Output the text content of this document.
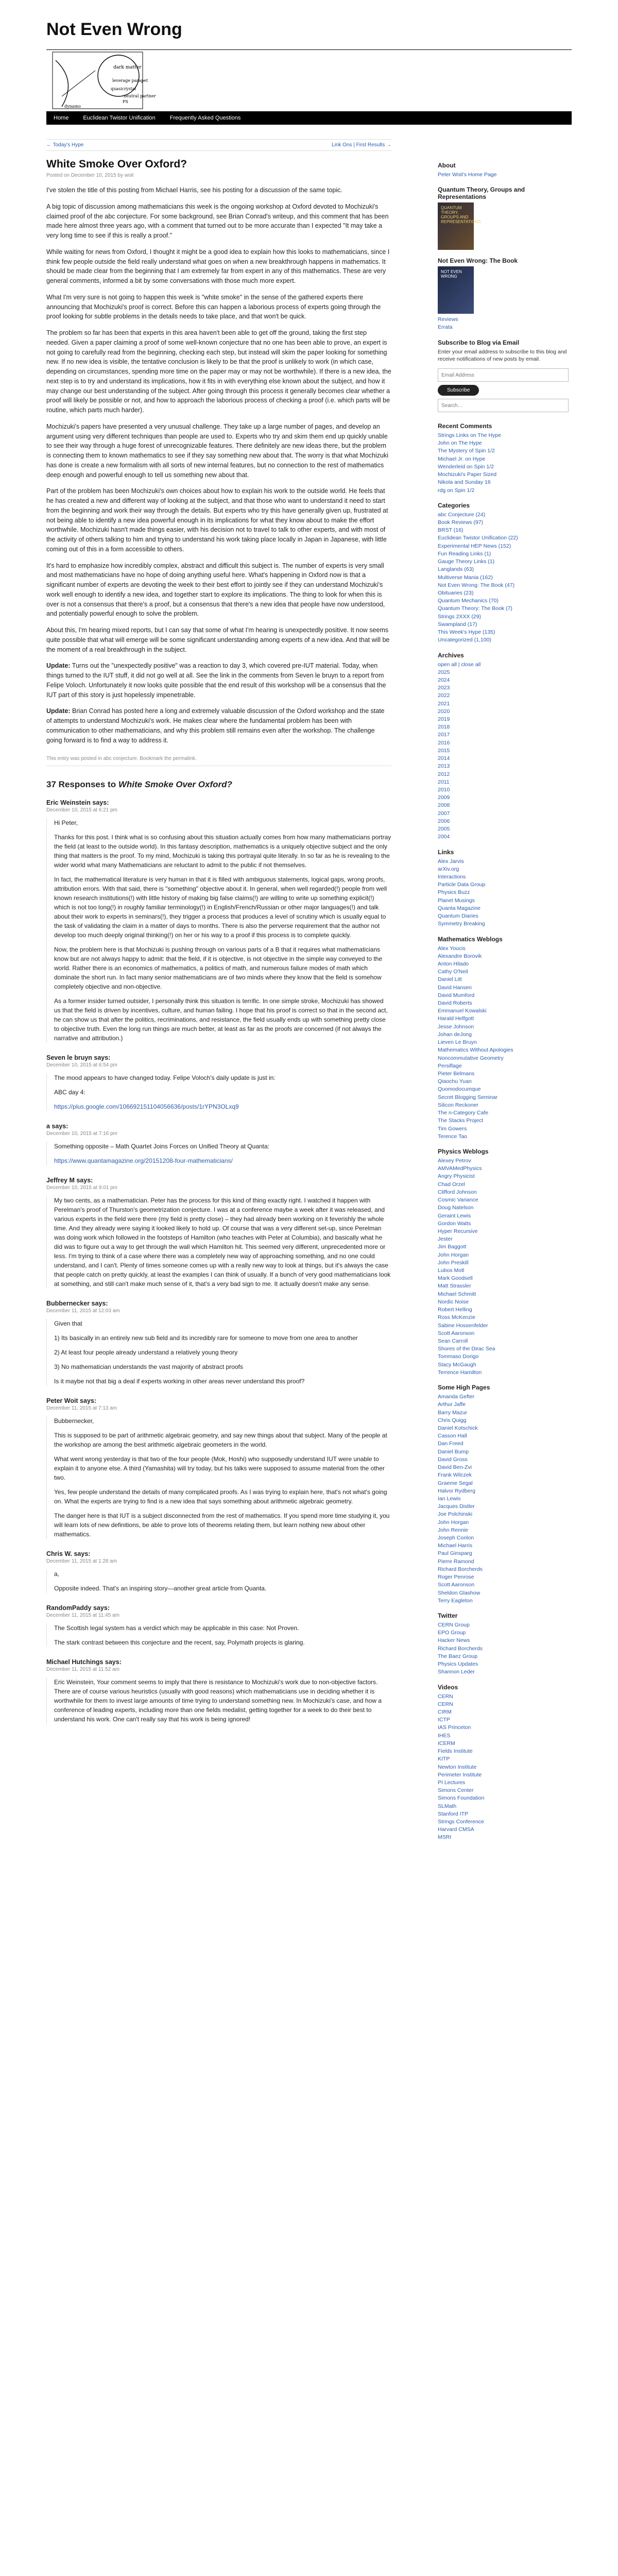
Not Even Wrong
dark matter
leverage parapet
quasicrystal
neutral partner
PS
dynamo
Home	Euclidean Twistor Unification	Frequently Asked Questions
← Today's Hype	Link Ons | First Results →
White Smoke Over Oxford?
Posted on December 10, 2015 by woit

I've stolen the title of this posting from Michael Harris, see his posting for a discussion of the same topic.

A big topic of discussion among mathematicians this week is the ongoing workshop at Oxford devoted to Mochizuki's claimed proof of the abc conjecture. For some background, see Brian Conrad's writeup, and this comment that has been made here almost three years ago, with a comment that turned out to be more accurate than I expected "It may take a very long time to see if this is really a proof."

While waiting for news from Oxford, I thought it might be a good idea to explain how this looks to mathematicians, since I think few people outside the field really understand what goes on when a new breakthrough happens in mathematics. It should be made clear from the beginning that I am extremely far from expert in any of this mathematics. These are very general comments, informed a bit by some conversations with those much more expert.

What I'm very sure is not going to happen this week is "white smoke" in the sense of the gathered experts there announcing that Mochizuki's proof is correct. Before this can happen a laborious process of experts going through the proof looking for subtle problems in the details needs to take place, and that won't be quick.

The problem so far has been that experts in this area haven't been able to get off the ground, taking the first step needed. Given a paper claiming a proof of some well-known conjecture that no one has been able to prove, an expert is not going to carefully read from the beginning, checking each step, but instead will skim the paper looking for something new. If no new idea is visible, the tentative conclusion is likely to be that the proof is unlikely to work (in which case, depending on circumstances, spending more time on the paper may or may not be worthwhile). If there is a new idea, the next step is to try and understand its implications, how it fits in with everything else known about the subject, and how it may change our best understanding of the subject. After going through this process it generally becomes clear whether a proof will likely be possible or not, and how to approach the laborious process of checking a proof (i.e. which parts will be routine, which parts much harder).

Mochizuki's papers have presented a very unusual challenge. They take up a large number of pages, and develop an argument using very different techniques than people are used to. Experts who try and skim them end up quickly unable to see their way through a huge forest of unrecognizable features. There definitely are new ideas there, but the problem is connecting them to known mathematics to see if they say something new about that. The worry is that what Mochizuki has done is create a new formalism with all sorts of new internal features, but no connection to the rest of mathematics deep enough and powerful enough to tell us something new about that.

Part of the problem has been Mochizuki's own choices about how to explain his work to the outside world. He feels that he has created a new and different way of looking at the subject, and that those who want to understand it need to start from the beginning and work their way through the details. But experts who try this have generally given up, frustrated at not being able to identify a new idea powerful enough in its implications for what they know about to make the effort worthwhile. Mochizuki hasn't made things easier, with his decision not to travel to talk to other experts, and with most of the activity of others talking to him and trying to understand his work taking place locally in Japan in Japanese, with little coming out of this in a form accessible to others.

It's hard to emphasize how incredibly complex, abstract and difficult this subject is. The number of experts is very small and most mathematicians have no hope of doing anything useful here. What's happening in Oxford now is that a significant number of experts are devoting the week to their best effort to jointly see if they can understand Mochizuki's work well enough to identify a new idea, and together start to explore its implications. The thing to look for when this is over is not a consensus that there's a proof, but a consensus that there's a new idea that people have now understood, and potentially powerful enough to solve the problem.

About this, I'm hearing mixed reports, but I can say that some of what I'm hearing is unexpectedly positive. It now seems quite possible that what will emerge will be some significant understanding among experts of a new idea. And that will be the moment of a real breakthrough in the subject.

Update: Turns out the "unexpectedly positive" was a reaction to day 3, which covered pre-IUT material. Today, when things turned to the IUT stuff, it did not go well at all. See the link in the comments from Seven le bruyn to a report from Felipe Voloch. Unfortunately it now looks quite possible that the end result of this workshop will be a consensus that the IUT part of this story is just hopelessly impenetrable.

Update: Brian Conrad has posted here a long and extremely valuable discussion of the Oxford workshop and the state of attempts to understand Mochizuki's work. He makes clear where the fundamental problem has been with communication to other mathematicians, and why this problem still remains even after the workshop. The challenge going forward is to find a way to address it.

This entry was posted in abc conjecture. Bookmark the permalink.
37 Responses to White Smoke Over Oxford?
Eric Weinstein says:
December 10, 2015 at 6:21 pm

Hi Peter,

Thanks for this post. I think what is so confusing about this situation actually comes from how many mathematicians portray the field (at least to the outside world). In this fantasy description, mathematics is a uniquely objective subject and the only thing that matters is the proof. To my mind, Mochizuki is taking this portrayal quite literally. In so far as he is revealing to the wider world what many Mathematicians are reluctant to admit to the public if not themselves.

In fact, the mathematical literature is very human in that it is filled with ambiguous statements, logical gaps, wrong proofs, attribution errors. With that said, there is "something" objective about it. In general, when well regarded(!) people from well known research institutions(!) with little history of making big false claims(!) are willing to write up something explicit(!) which is not too long(!) in roughly familiar terminology(!) in English/French/Russian or other major languages(!) and talk about their work to experts in seminars(!), they trigger a process that produces a level of scrutiny which is usually equal to the task of validating the claim in a matter of days to months. There is also the perverse requirement that the author not develop too much deeply original thinking(!) on her or his way to a proof if this process is to complete quickly.

Now, the problem here is that Mochizuki is pushing through on various parts of a B that it requires what mathematicians know but are not always happy to admit: that the field, if it is objective, is not objective in the simple way conveyed to the world. Rather there is an economics of mathematics, a politics of math, and numerous failure modes of math which dominate the short run. In fact many senior mathematicians are of two minds where they know that the field is somehow completely objective and non-objective.

As a former insider turned outsider, I personally think this situation is terrific. In one simple stroke, Mochizuki has showed us that the field is driven by incentives, culture, and human failing. I hope that his proof is correct so that in the second act, he can show us that after the politics, recriminations, and resistance, the field usually ends up with something pretty close to objective truth. Even the long run things are much better, at least as far as the proofs are concerned (if not always the narrative and attribution.)

Seven le bruyn says:
December 10, 2015 at 6:54 pm

The mood appears to have changed today. Felipe Voloch's daily update is just in:

ABC day 4:

https://plus.google.com/106692151104056636/posts/1rYPN3OLxq9

a says:
December 10, 2015 at 7:16 pm

Something opposite – Math Quartet Joins Forces on Unified Theory at Quanta:

https://www.quantamagazine.org/20151208-four-mathematicians/

Jeffrey M says:
December 10, 2015 at 9:01 pm

My two cents, as a mathematician. Peter has the process for this kind of thing exactly right. I watched it happen with Perelman's proof of Thurston's geometrization conjecture. I was at a conference maybe a week after it was released, and various experts in the field were there (my field is pretty close) – they had already been working on it feverishly the whole time. And they already were saying it looked likely to hold up. Of course that was a very different set-up, since Perelman was doing work which followed in the footsteps of Hamilton (who teaches with Peter at Columbia), and basically what he did was to figure out a way to get through the wall which Hamilton hit. This seemed very different, unprecedented more or less. I'm trying to think of a case where there was a completely new way of approaching something, and no one could understand, and I can't. Plenty of times someone comes up with a really new way to look at things, but it's always the case that people catch on pretty quickly, at least the examples I can think of usually. If a bunch of very good mathematicians look at something, and still can't make much sense of it, that's a very bad sign to me. It actually doesn't make any sense.

Bubbernecker says:
December 11, 2015 at 12:03 am

Given that

1) Its basically in an entirely new sub field and its incredibly rare for someone to move from one area to another

2) At least four people already understand a relatively young theory

3) No mathematician understands the vast majority of abstract proofs

Is it maybe not that big a deal if experts working in other areas never understand this proof?

Peter Woit says:
December 11, 2015 at 7:13 am

Bubbernecker,

This is supposed to be part of arithmetic algebraic geometry, and say new things about that subject. Many of the people at the workshop are among the best arithmetic algebraic geometers in the world.

What went wrong yesterday is that two of the four people (Mok, Hoshi) who supposedly understand IUT were unable to explain it to anyone else. A third (Yamashita) will try today, but his talks were supposed to assume material from the other two.

Yes, few people understand the details of many complicated proofs. As I was trying to explain here, that's not what's going on. What the experts are trying to find is a new idea that says something about arithmetic algebraic geometry.

The danger here is that IUT is a subject disconnected from the rest of mathematics. If you spend more time studying it, you will learn lots of new definitions, be able to prove lots of theorems relating them, but learn nothing new about other mathematics.

Chris W. says:
December 11, 2015 at 1:28 am

a,

Opposite indeed. That's an inspiring story—another great article from Quanta.

RandomPaddy says:
December 11, 2015 at 11:45 am

The Scottish legal system has a verdict which may be applicable in this case: Not Proven.

The stark contrast between this conjecture and the recent, say, Polymath projects is glaring.

Michael Hutchings says:
December 11, 2015 at 11:52 am

Eric Weinstein, Your comment seems to imply that there is resistance to Mochizuki's work due to non-objective factors. There are of course various heuristics (usually with good reasons) which mathematicians use in deciding whether it is worthwhile for them to invest large amounts of time trying to understand something new. In Mochizuki's case, and how a conference of leading experts, including more than one fields medalist, getting together for a week to do their best to understand his work. One can't really say that his work is being ignored!

About
Peter Woit's Home Page
Quantum Theory, Groups and Representations
QUANTUM THEORY, GROUPS AND REPRESENTATIONS
Not Even Wrong: The Book
NOT EVEN WRONG
Reviews
Errata
Subscribe to Blog via Email

Enter your email address to subscribe to this blog and receive notifications of new posts by email.

Email Address
Subscribe
Search…
Recent Comments
Strings Links on The Hype
John on The Hype
The Mystery of Spin 1/2
Michael Jr. on Hype
Wenderleid on Spin 1/2
Mochizuki's Paper Sized
Nikola and Sunday 16
rdg on Spin 1/2
Categories
abc Conjecture (24)
Book Reviews (97)
BRST (16)
Euclidean Twistor Unification (22)
Experimental HEP News (152)
Fun Reading Links (1)
Gauge Theory Links (1)
Langlands (63)
Multiverse Mania (162)
Not Even Wrong: The Book (47)
Obituaries (23)
Quantum Mechanics (70)
Quantum Theory: The Book (7)
Strings 2XXX (29)
Swampland (17)
This Week's Hype (135)
Uncategorized (1,100)
Archives
open all | close all
2025
2024
2023
2022
2021
2020
2019
2018
2017
2016
2015
2014
2013
2012
2011
2010
2009
2008
2007
2006
2005
2004
Links
Alex Jarvis
arXiv.org
Interactions
Particle Data Group
Physics Buzz
Planet Musings
Quanta Magazine
Quantum Diaries
Symmetry Breaking
Mathematics Weblogs
Alex Youcis
Alexandre Borovik
Anton Hilado
Cathy O'Neil
Daniel Litt
David Hansen
David Mumford
David Roberts
Emmanuel Kowalski
Harald Helfgott
Jesse Johnson
Johan deJong
Lieven Le Bruyn
Mathematics Without Apologies
Noncommutative Geometry
Persiflage
Pieter Belmans
Qiaochu Yuan
Quomodocumque
Secret Blogging Seminar
Silicon Reckoner
The n-Category Cafe
The Stacks Project
Tim Gowers
Terence Tao
Physics Weblogs
Alexey Petrov
AMVAMedPhysics
Angry Physicist
Chad Orzel
Clifford Johnson
Cosmic Variance
Doug Natelson
Geraint Lewis
Gordon Watts
Hyper Recursive
Jester
Jim Baggott
John Horgan
John Preskill
Lubos Motl
Mark Goodsell
Matt Strassler
Michael Schmitt
Nordic Noise
Robert Helling
Ross McKenzie
Sabine Hossenfelder
Scott Aaronson
Sean Carroll
Shores of the Dirac Sea
Tommaso Dorigo
Stacy McGaugh
Terrence Hamilton
Some High Pages
Amanda Gefter
Arthur Jaffe
Barry Mazur
Chris Quigg
Daniel Kotschick
Casson Hall
Dan Freed
Daniel Bump
David Gross
David Ben-Zvi
Frank Wilczek
Graeme Segal
Halvor Rydberg
Ian Lewis
Jacques Distler
Joe Polchinski
John Horgan
John Rennie
Joseph Conlon
Michael Harris
Paul Ginsparg
Pierre Ramond
Richard Borcherds
Roger Penrose
Scott Aaronson
Sheldon Glashow
Terry Eagleton
Twitter
CERN Group
EPO Group
Hacker News
Richard Borcherds
The Baez Group
Physics Updates
Shannon Leder
Videos
CERN
CERN
CIRM
ICTP
IAS Princeton
IHES
ICERM
Fields Institute
KITP
Newton Institute
Perimeter Institute
PI Lectures
Simons Center
Simons Foundation
SLMath
Stanford ITP
Strings Conference
Harvard CMSA
MSRI
